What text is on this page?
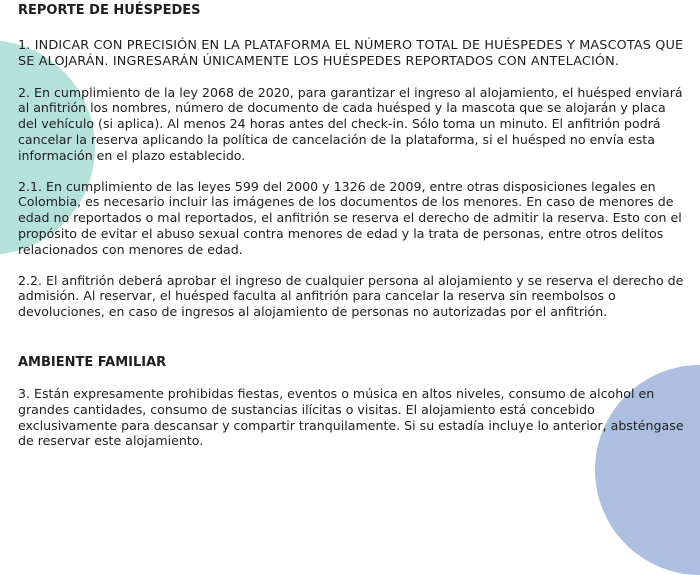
REPORTE DE HUÉSPEDES

1. INDICAR CON PRECISIÓN EN LA PLATAFORMA EL NÚMERO TOTAL DE HUÉSPEDES Y MASCOTAS QUE SE ALOJARÁN. INGRESARÁN ÚNICAMENTE LOS HUÉSPEDES REPORTADOS CON ANTELACIÓN.

2. En cumplimiento de la ley 2068 de 2020, para garantizar el ingreso al alojamiento, el huésped enviará al anfitrión los nombres, número de documento de cada huésped y la mascota que se alojarán y placa del vehículo (si aplica). Al menos 24 horas antes del check-in. Sólo toma un minuto. El anfitrión podrá cancelar la reserva aplicando la política de cancelación de la plataforma, si el huésped no envía esta información en el plazo establecido.

2.1. En cumplimiento de las leyes 599 del 2000 y 1326 de 2009, entre otras disposiciones legales en Colombia, es necesario incluir las imágenes de los documentos de los menores. En caso de menores de edad no reportados o mal reportados, el anfitrión se reserva el derecho de admitir la reserva. Esto con el propósito de evitar el abuso sexual contra menores de edad y la trata de personas, entre otros delitos relacionados con menores de edad.

2.2. El anfitrión deberá aprobar el ingreso de cualquier persona al alojamiento y se reserva el derecho de admisión. Al reservar, el huésped faculta al anfitrión para cancelar la reserva sin reembolsos o devoluciones, en caso de ingresos al alojamiento de personas no autorizadas por el anfitrión.

AMBIENTE FAMILIAR

3. Están expresamente prohibidas fiestas, eventos o música en altos niveles, consumo de alcohol en grandes cantidades, consumo de sustancias ilícitas o visitas. El alojamiento está concebido exclusivamente para descansar y compartir tranquilamente. Si su estadía incluye lo anterior, absténgase de reservar este alojamiento.
